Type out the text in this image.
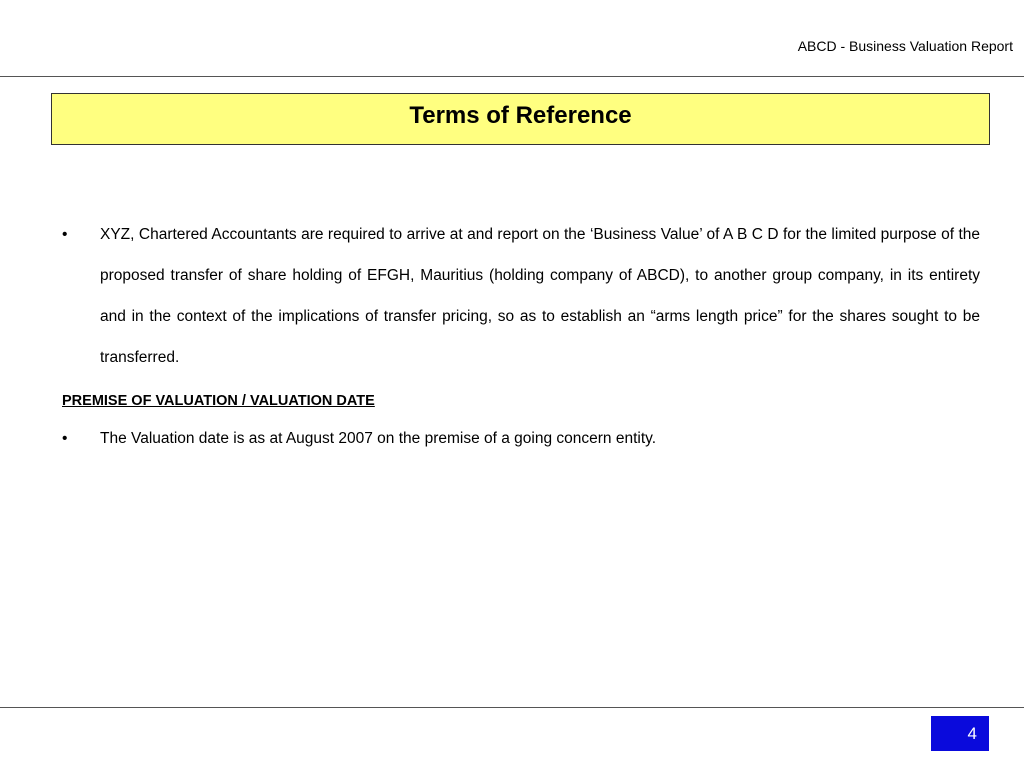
ABCD - Business Valuation Report
Terms of Reference
• XYZ, Chartered Accountants are required to arrive at and report on the ‘Business Value’ of A B C D for the limited purpose of the proposed transfer of share holding of EFGH, Mauritius (holding company of ABCD), to another group company, in its entirety and in the context of the implications of transfer pricing, so as to establish an “arms length price” for the shares sought to be transferred.
PREMISE OF VALUATION / VALUATION DATE
• The Valuation date is as at August 2007 on the premise of a going concern entity.
4
